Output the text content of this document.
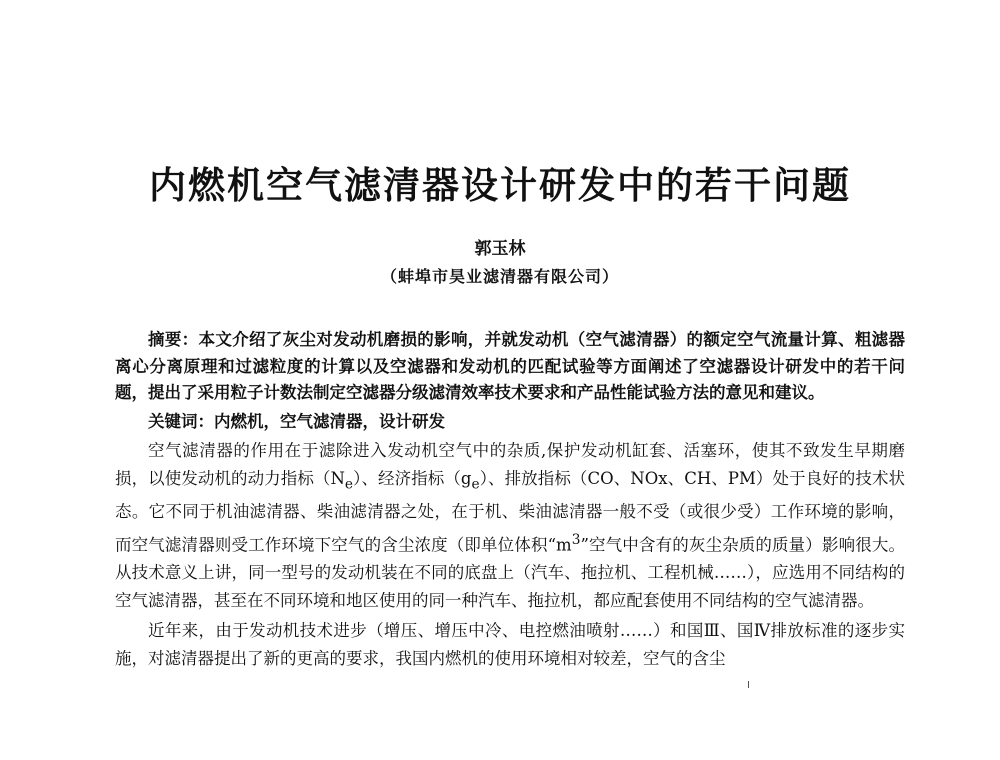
内燃机空气滤清器设计研发中的若干问题
郭玉林
（蚌埠市昊业滤清器有限公司）

摘要：本文介绍了灰尘对发动机磨损的影响，并就发动机（空气滤清器）的额定空气流量计算、粗滤器离心分离原理和过滤粒度的计算以及空滤器和发动机的匹配试验等方面阐述了空滤器设计研发中的若干问题，提出了采用粒子计数法制定空滤器分级滤清效率技术要求和产品性能试验方法的意见和建议。

关键词：内燃机，空气滤清器，设计研发

空气滤清器的作用在于滤除进入发动机空气中的杂质,保护发动机缸套、活塞环，使其不致发生早期磨损，以使发动机的动力指标$(N_e)$、经济指标$(g_e)$、排放指标（CO、NOx、CH、PM）处于良好的技术状态。它不同于机油滤清器、柴油滤清器之处，在于机、柴油滤清器一般不受（或很少受）工作环境的影响，而空气滤清器则受工作环境下空气的含尘浓度（即单位体积“$m^3$”空气中含有的灰尘杂质的质量）影响很大。从技术意义上讲，同一型号的发动机装在不同的底盘上（汽车、拖拉机、工程机械……），应选用不同结构的空气滤清器，甚至在不同环境和地区使用的同一种汽车、拖拉机，都应配套使用不同结构的空气滤清器。

近年来，由于发动机技术进步（增压、增压中冷、电控燃油喷射……）和国Ⅲ、国Ⅳ排放标准的逐步实施，对滤清器提出了新的更高的要求，我国内燃机的使用环境相对较差，空气的含尘
